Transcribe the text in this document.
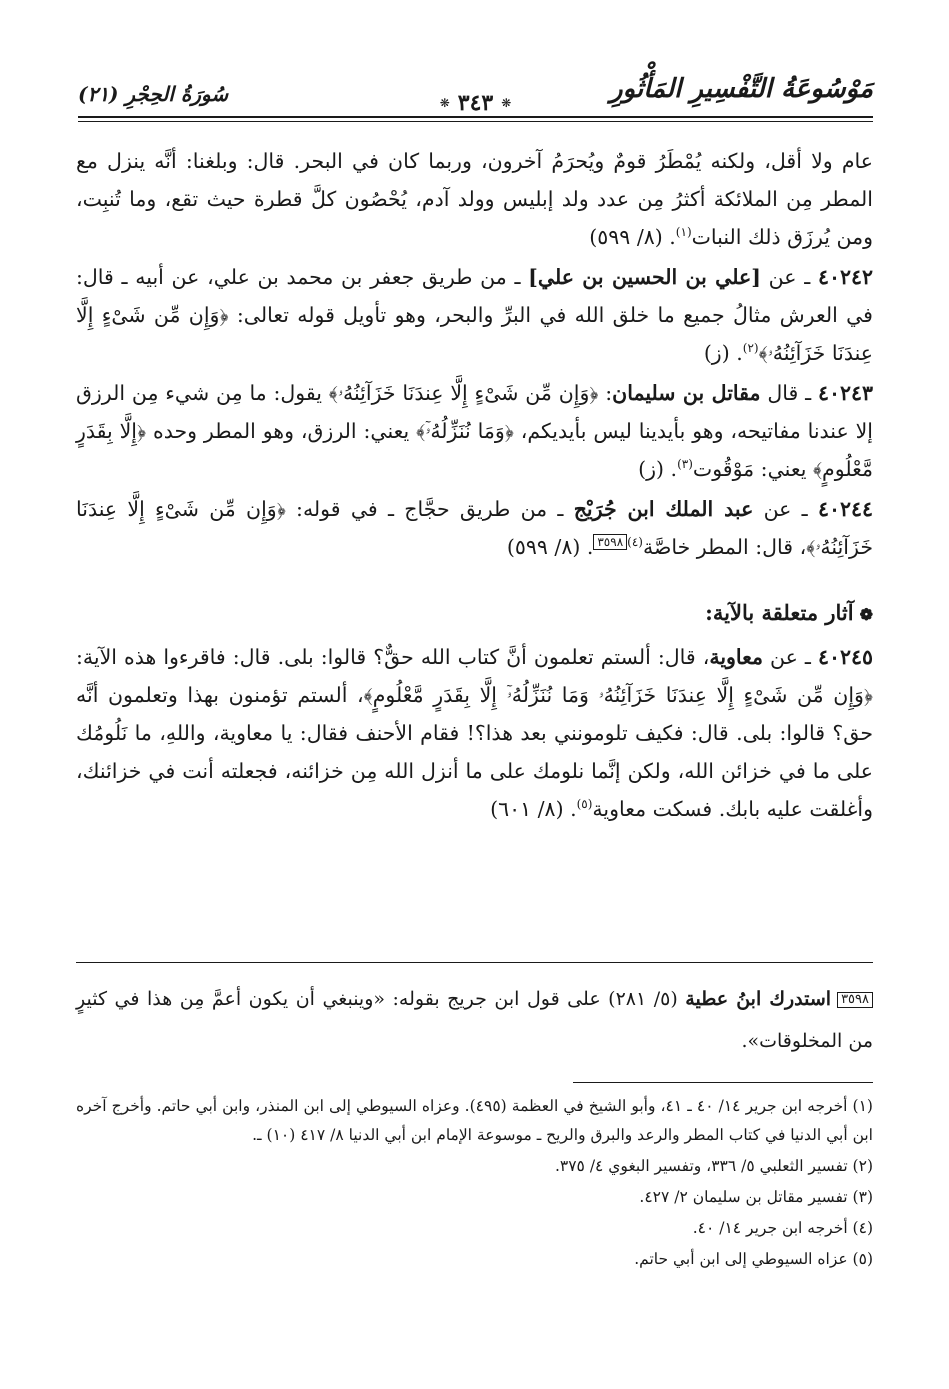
مَوْسُوعَةُ التَّفْسِيرِ المَأْثُورِ
❋
٣٤٣
❋
سُورَةُ الحِجْرِ (٢١)

عام ولا أقل، ولكنه يُمْطَرُ قومٌ ويُحرَمُ آخرون، وربما كان في البحر. قال: وبلغنا: أنَّه ينزل مع المطر مِن الملائكة أكثرُ مِن عدد ولد إبليس وولد آدم، يُحْصُون كلَّ قطرة حيث تقع، وما تُنبِت، ومن يُرزَق ذلك النبات$^{(١)}$. (٨/ ٥٩٩)

٤٠٢٤٢ ـ عن [علي بن الحسين بن علي] ـ من طريق جعفر بن محمد بن علي، عن أبيه ـ قال: في العرش مثالُ جميع ما خلق الله في البرِّ والبحر، وهو تأويل قوله تعالى: ﴿وَإِن مِّن شَىْءٍ إِلَّا عِندَنَا خَزَآئِنُهُۥ﴾$^{(٢)}$. (ز)

٤٠٢٤٣ ـ قال مقاتل بن سليمان: ﴿وَإِن مِّن شَىْءٍ إِلَّا عِندَنَا خَزَآئِنُهُۥ﴾ يقول: ما مِن شيء مِن الرزق إلا عندنا مفاتيحه، وهو بأيدينا ليس بأيديكم، ﴿وَمَا نُنَزِّلُهُۥٓ﴾ يعني: الرزق، وهو المطر وحده ﴿إِلَّا بِقَدَرٍ مَّعْلُومٍ﴾ يعني: مَوْقُوت$^{(٣)}$. (ز)

٤٠٢٤٤ ـ عن عبد الملك ابن جُرَيْج ـ من طريق حجَّاج ـ في قوله: ﴿وَإِن مِّن شَىْءٍ إِلَّا عِندَنَا خَزَآئِنُهُۥ﴾، قال: المطر خاصَّة$^{(٤)}$٣٥٩٨. (٨/ ٥٩٩)

❁آثار متعلقة بالآية:

٤٠٢٤٥ ـ عن معاوية، قال: ألستم تعلمون أنَّ كتاب الله حقٌّ؟ قالوا: بلى. قال: فاقرءوا هذه الآية: ﴿وَإِن مِّن شَىْءٍ إِلَّا عِندَنَا خَزَآئِنُهُۥ وَمَا نُنَزِّلُهُۥٓ إِلَّا بِقَدَرٍ مَّعْلُومٍ﴾، ألستم تؤمنون بهذا وتعلمون أنَّه حق؟ قالوا: بلى. قال: فكيف تلومونني بعد هذا؟! فقام الأحنف فقال: يا معاوية، واللهِ، ما نَلُومُك على ما في خزائن الله، ولكن إنَّما نلومك على ما أنزل الله مِن خزائنه، فجعلته أنت في خزائنك، وأغلقت عليه بابك. فسكت معاوية$^{(٥)}$. (٨/ ٦٠١)

٣٥٩٨استدرك ابنُ عطية (٥/ ٢٨١) على قول ابن جريج بقوله: «وينبغي أن يكون أعمَّ مِن هذا في كثيرٍ من المخلوقات».

(١) أخرجه ابن جرير ١٤/ ٤٠ ـ ٤١، وأبو الشيخ في العظمة (٤٩٥). وعزاه السيوطي إلى ابن المنذر، وابن أبي حاتم. وأخرج آخره ابن أبي الدنيا في كتاب المطر والرعد والبرق والريح ـ موسوعة الإمام ابن أبي الدنيا ٨/ ٤١٧ (١٠) ـ.

(٢) تفسير الثعلبي ٥/ ٣٣٦، وتفسير البغوي ٤/ ٣٧٥.

(٣) تفسير مقاتل بن سليمان ٢/ ٤٢٧.

(٤) أخرجه ابن جرير ١٤/ ٤٠.

(٥) عزاه السيوطي إلى ابن أبي حاتم.
